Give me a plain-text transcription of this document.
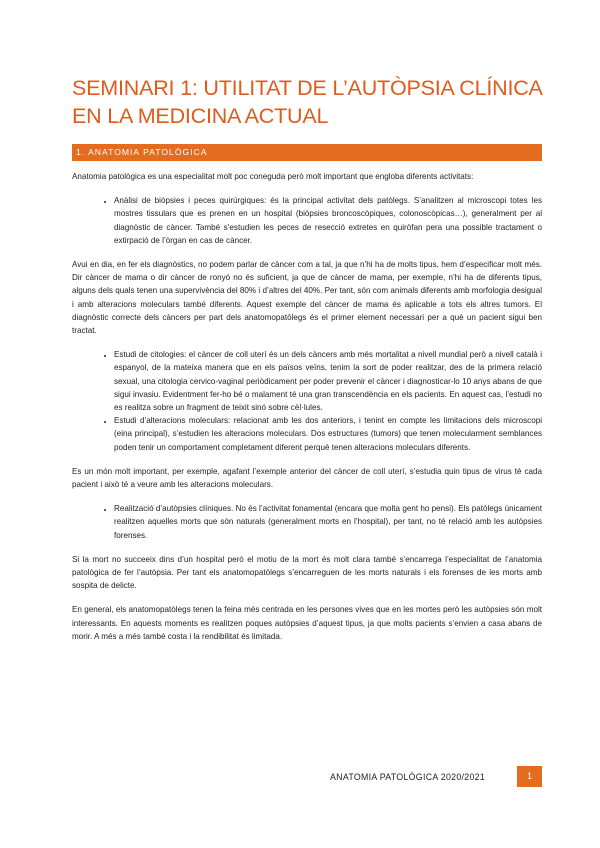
SEMINARI 1: UTILITAT DE L’AUTÒPSIA CLÍNICA EN LA MEDICINA ACTUAL
1. ANATOMIA PATOLÒGICA

Anatomia patològica es una especialitat molt poc coneguda però molt important que engloba diferents activitats:

• Anàlisi de biòpsies i peces quirúrgiques: és la principal activitat dels patòlegs. S’analitzen al microscopi totes les mostres tissulars que es prenen en un hospital (biòpsies broncoscòpiques, colonoscòpicas…), generalment per al diagnòstic de càncer. També s’estudien les peces de resecció extretes en quiròfan pera una possible tractament o extirpació de l’òrgan en cas de càncer.

Avui en dia, en fer els diagnòstics, no podem parlar de càncer com a tal, ja que n’hi ha de molts tipus, hem d’especificar molt més. Dir càncer de mama o dir càncer de ronyó no és suficient, ja que de càncer de mama, per exemple, n’hi ha de diferents tipus, alguns dels quals tenen una supervivència del 80% i d’altres del 40%. Per tant, són com animals diferents amb morfologia desigual i amb alteracions moleculars també diferents. Aquest exemple del càncer de mama és aplicable a tots els altres tumors. El diagnòstic correcte dels càncers per part dels anatomopatòlegs és el primer element necessari per a què un pacient sigui ben tractat.

• Estudi de citologies: el càncer de coll uterí és un dels càncers amb més mortalitat a nivell mundial però a nivell català i espanyol, de la mateixa manera que en els països veïns, tenim la sort de poder realitzar, des de la primera relació sexual, una citologia cervico-vaginal periòdicament per poder prevenir el càncer i diagnosticar-lo 10 anys abans de que sigui invasiu. Evidentment fer-ho bé o malament té una gran transcendència en els pacients. En aquest cas, l’estudi no es realitza sobre un fragment de teixit sinó sobre cèl·lules.
• Estudi d’alteracions moleculars: relacionat amb les dos anteriors, i tenint en compte les limitacions dels microscopi (eina principal), s’estudien les alteracions moleculars. Dos estructures (tumors) que tenen molecularment semblances poden tenir un comportament completament diferent perquè tenen alteracions moleculars diferents.

Es un món molt important, per exemple, agafant l’exemple anterior del càncer de coll uterí, s’estudia quin tipus de virus té cada pacient i això té a veure amb les alteracions moleculars.

• Realització d’autòpsies clíniques. No és l’activitat fonamental (encara que molta gent ho pensi). Els patòlegs únicament realitzen aquelles morts que són naturals (generalment morts en l’hospital), per tant, no té relació amb les autòpsies forenses.

Si la mort no succeeix dins d’un hospital però el motiu de la mort és molt clara també s’encarrega l’especialitat de l’anatomia patològica de fer l’autòpsia. Per tant els anatomopatòlegs s’encarreguen de les morts naturals i els forenses de les morts amb sospita de delicte.

En general, els anatomopatòlegs tenen la feina més centrada en les persones vives que en les mortes però les autòpsies són molt interessants. En aquests moments es realitzen poques autòpsies d’aquest tipus, ja que molts pacients s’envien a casa abans de morir. A més a més també costa i la rendibilitat és limitada.

ANATOMIA PATOLÒGICA 2020/2021	1
